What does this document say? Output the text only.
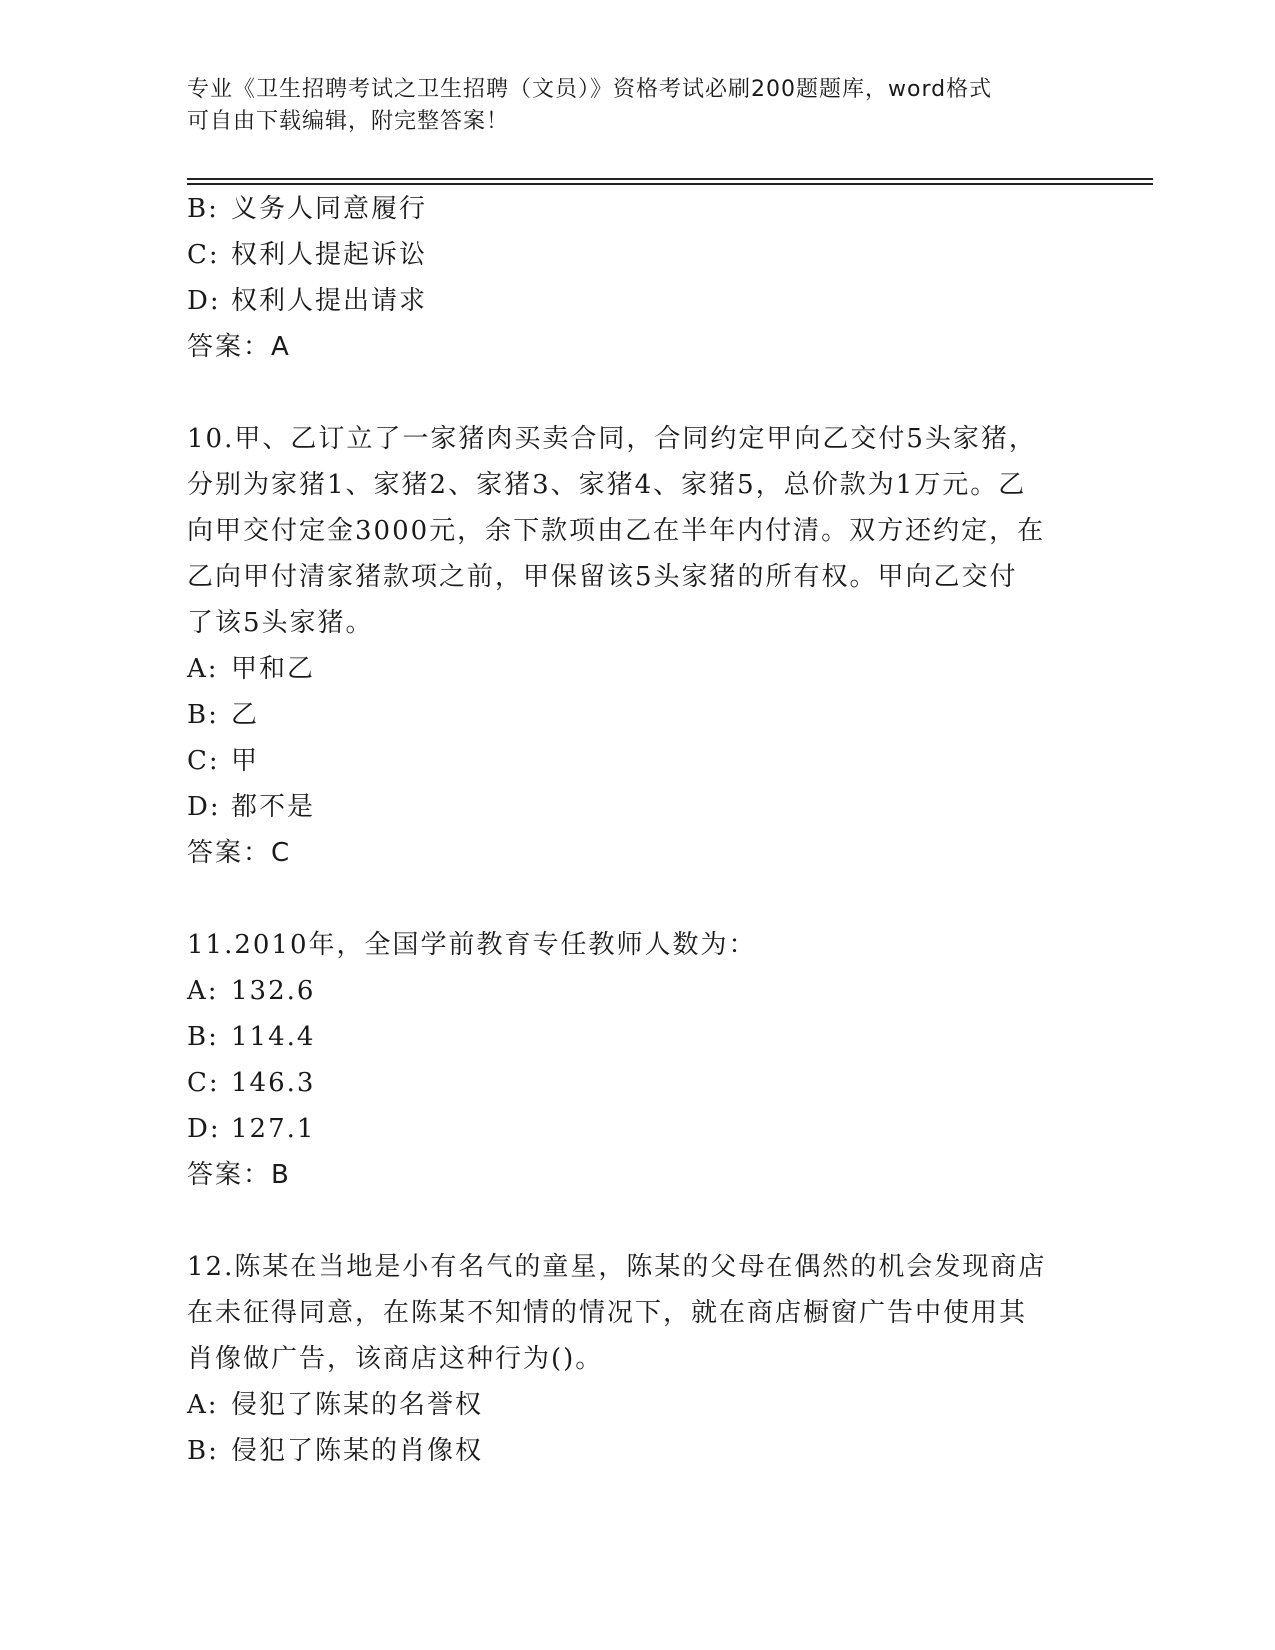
专业《卫生招聘考试之卫生招聘（文员）》资格考试必刷200题题库，word格式
可自由下载编辑，附完整答案！
B: 义务人同意履行
C: 权利人提起诉讼
D: 权利人提出请求
答案：A
10.甲、乙订立了一家猪肉买卖合同，合同约定甲向乙交付5头家猪，
分别为家猪1、家猪2、家猪3、家猪4、家猪5，总价款为1万元。乙
向甲交付定金3000元，余下款项由乙在半年内付清。双方还约定，在
乙向甲付清家猪款项之前，甲保留该5头家猪的所有权。甲向乙交付
了该5头家猪。
A: 甲和乙
B: 乙
C: 甲
D: 都不是
答案：C
11.2010年，全国学前教育专任教师人数为：
A: 132.6
B: 114.4
C: 146.3
D: 127.1
答案：B
12.陈某在当地是小有名气的童星，陈某的父母在偶然的机会发现商店
在未征得同意，在陈某不知情的情况下，就在商店橱窗广告中使用其
肖像做广告，该商店这种行为()。
A: 侵犯了陈某的名誉权
B: 侵犯了陈某的肖像权
